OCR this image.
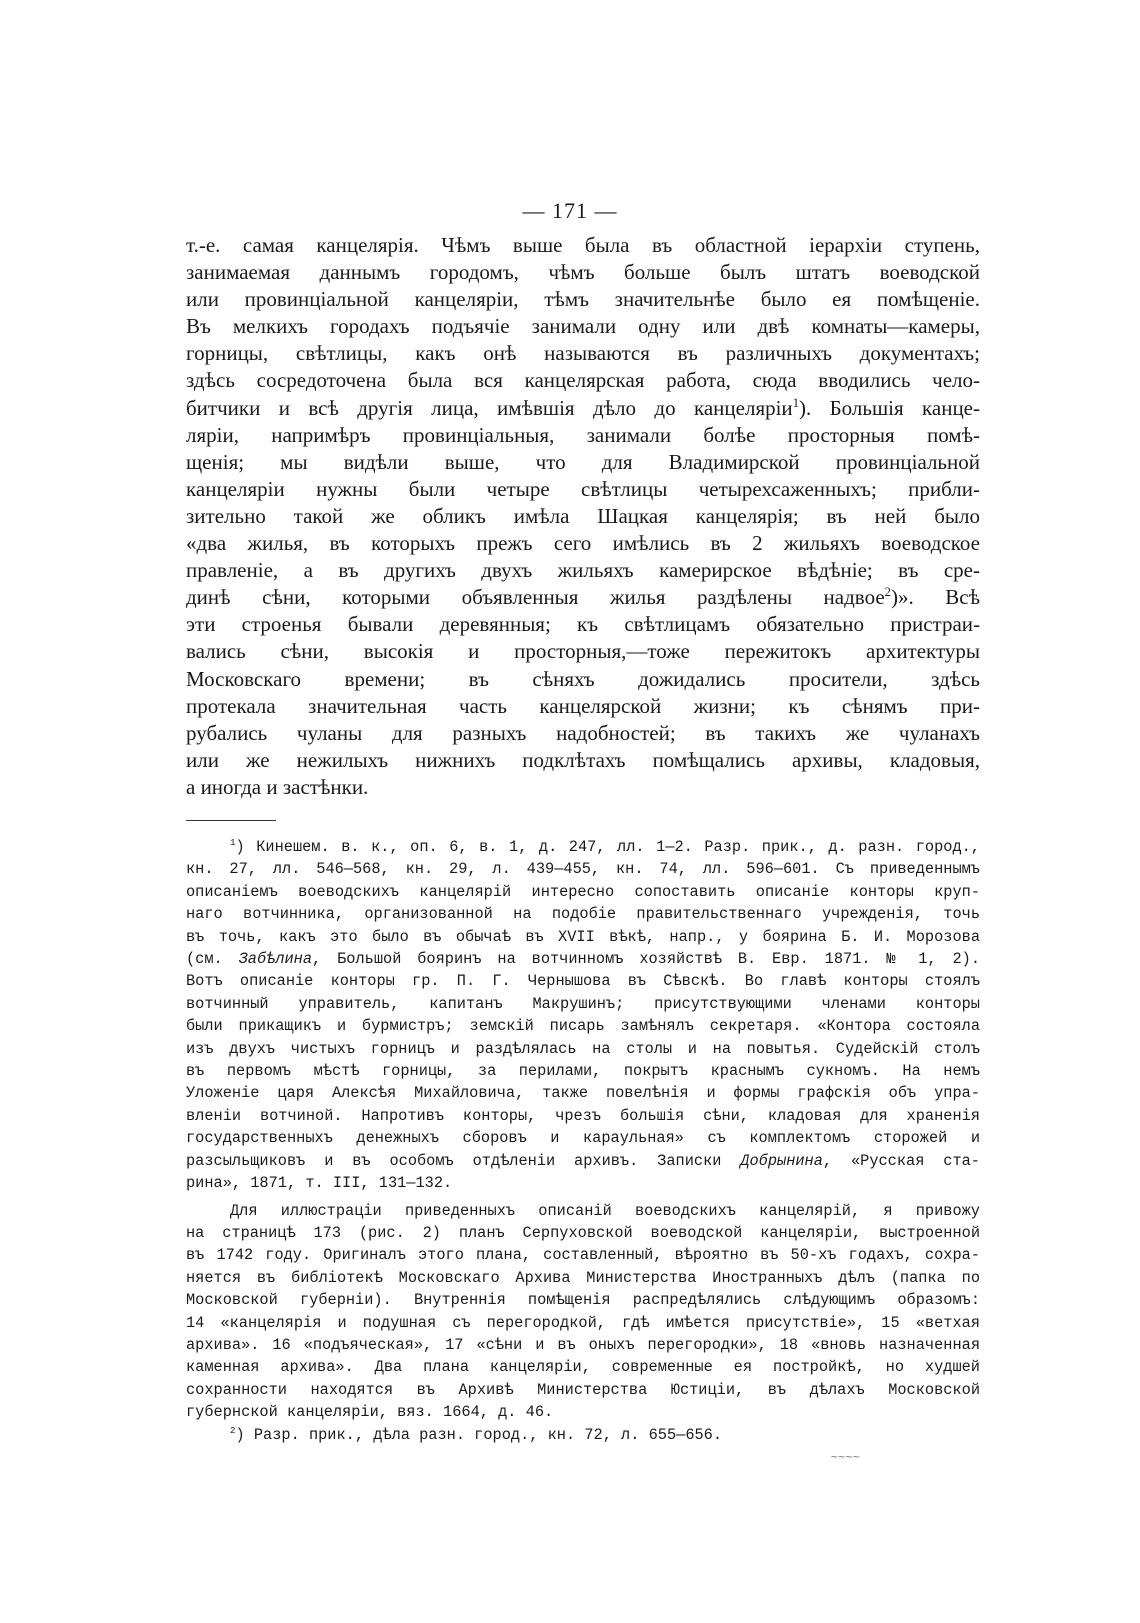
— 171 —
т.-е. самая канцелярія. Чѣмъ выше была въ областной іерархіи ступень,
занимаемая даннымъ городомъ, чѣмъ больше былъ штатъ воеводской
или провинціальной канцеляріи, тѣмъ значительнѣе было ея помѣщеніе.
Въ мелкихъ городахъ подъячіе занимали одну или двѣ комнаты—камеры,
горницы, свѣтлицы, какъ онѣ называются въ различныхъ документахъ;
здѣсь сосредоточена была вся канцелярская работа, сюда вводились чело-
битчики и всѣ другія лица, имѣвшія дѣло до канцеляріи$^1$). Большія канце-
ляріи, напримѣръ провинціальныя, занимали болѣе просторныя помѣ-
щенія; мы видѣли выше, что для Владимирской провинціальной
канцеляріи нужны были четыре свѣтлицы четырехсаженныхъ; прибли-
зительно такой же обликъ имѣла Шацкая канцелярія; въ ней было
«два жилья, въ которыхъ прежъ сего имѣлись въ 2 жильяхъ воеводское
правленіе, а въ другихъ двухъ жильяхъ камерирское вѣдѣніе; въ сре-
динѣ сѣни, которыми объявленныя жилья раздѣлены надвое$^2$)». Всѣ
эти строенья бывали деревянныя; къ свѣтлицамъ обязательно пристраи-
вались сѣни, высокія и просторныя,—тоже пережитокъ архитектуры
Московскаго времени; въ сѣняхъ дожидались просители, здѣсь
протекала значительная часть канцелярской жизни; къ сѣнямъ при-
рубались чуланы для разныхъ надобностей; въ такихъ же чуланахъ
или же нежилыхъ нижнихъ подклѣтахъ помѣщались архивы, кладовыя,
а иногда и застѣнки.
$^1$) Кинешем. в. к., оп. 6, в. 1, д. 247, лл. 1—2. Разр. прик., д. разн. город.,
кн. 27, лл. 546—568, кн. 29, л. 439—455, кн. 74, лл. 596—601. Съ приведеннымъ
описаніемъ воеводскихъ канцелярій интересно сопоставить описаніе конторы круп-
наго вотчинника, организованной на подобіе правительственнаго учрежденія, точь
въ точь, какъ это было въ обычаѣ въ XVII вѣкѣ, напр., у боярина Б. И. Морозова
(см. Забѣлина, Большой бояринъ на вотчинномъ хозяйствѣ В. Евр. 1871. № 1, 2).
Вотъ описаніе конторы гр. П. Г. Чернышова въ Сѣвскѣ. Во главѣ конторы стоялъ
вотчинный управитель, капитанъ Макрушинъ; присутствующими членами конторы
были прикащикъ и бурмистръ; земскій писарь замѣнялъ секретаря. «Контора состояла
изъ двухъ чистыхъ горницъ и раздѣлялась на столы и на повытья. Судейскій столъ
въ первомъ мѣстѣ горницы, за перилами, покрытъ краснымъ сукномъ. На немъ
Уложеніе царя Алексѣя Михайловича, также повелѣнія и формы графскія объ упра-
вленіи вотчиной. Напротивъ конторы, чрезъ большія сѣни, кладовая для храненія
государственныхъ денежныхъ сборовъ и караульная» съ комплектомъ сторожей и
разсыльщиковъ и въ особомъ отдѣленіи архивъ. Записки Добрынина, «Русская ста-
рина», 1871, т. III, 131—132.
Для иллюстраціи приведенныхъ описаній воеводскихъ канцелярій, я привожу
на страницѣ 173 (рис. 2) планъ Серпуховской воеводской канцеляріи, выстроенной
въ 1742 году. Оригиналъ этого плана, составленный, вѣроятно въ 50-хъ годахъ, сохра-
няется въ библіотекѣ Московскаго Архива Министерства Иностранныхъ дѣлъ (папка по
Московской губерніи). Внутреннія помѣщенія распредѣлялись слѣдующимъ образомъ:
14 «канцелярія и подушная съ перегородкой, гдѣ имѣется присутствіе», 15 «ветхая
архива». 16 «подъяческая», 17 «сѣни и въ оныхъ перегородки», 18 «вновь назначенная
каменная архива». Два плана канцеляріи, современные ея постройкѣ, но худшей
сохранности находятся въ Архивѣ Министерства Юстиціи, въ дѣлахъ Московской
губернской канцеляріи, вяз. 1664, д. 46.
$^2$) Разр. прик., дѣла разн. город., кн. 72, л. 655—656.
~~~~
